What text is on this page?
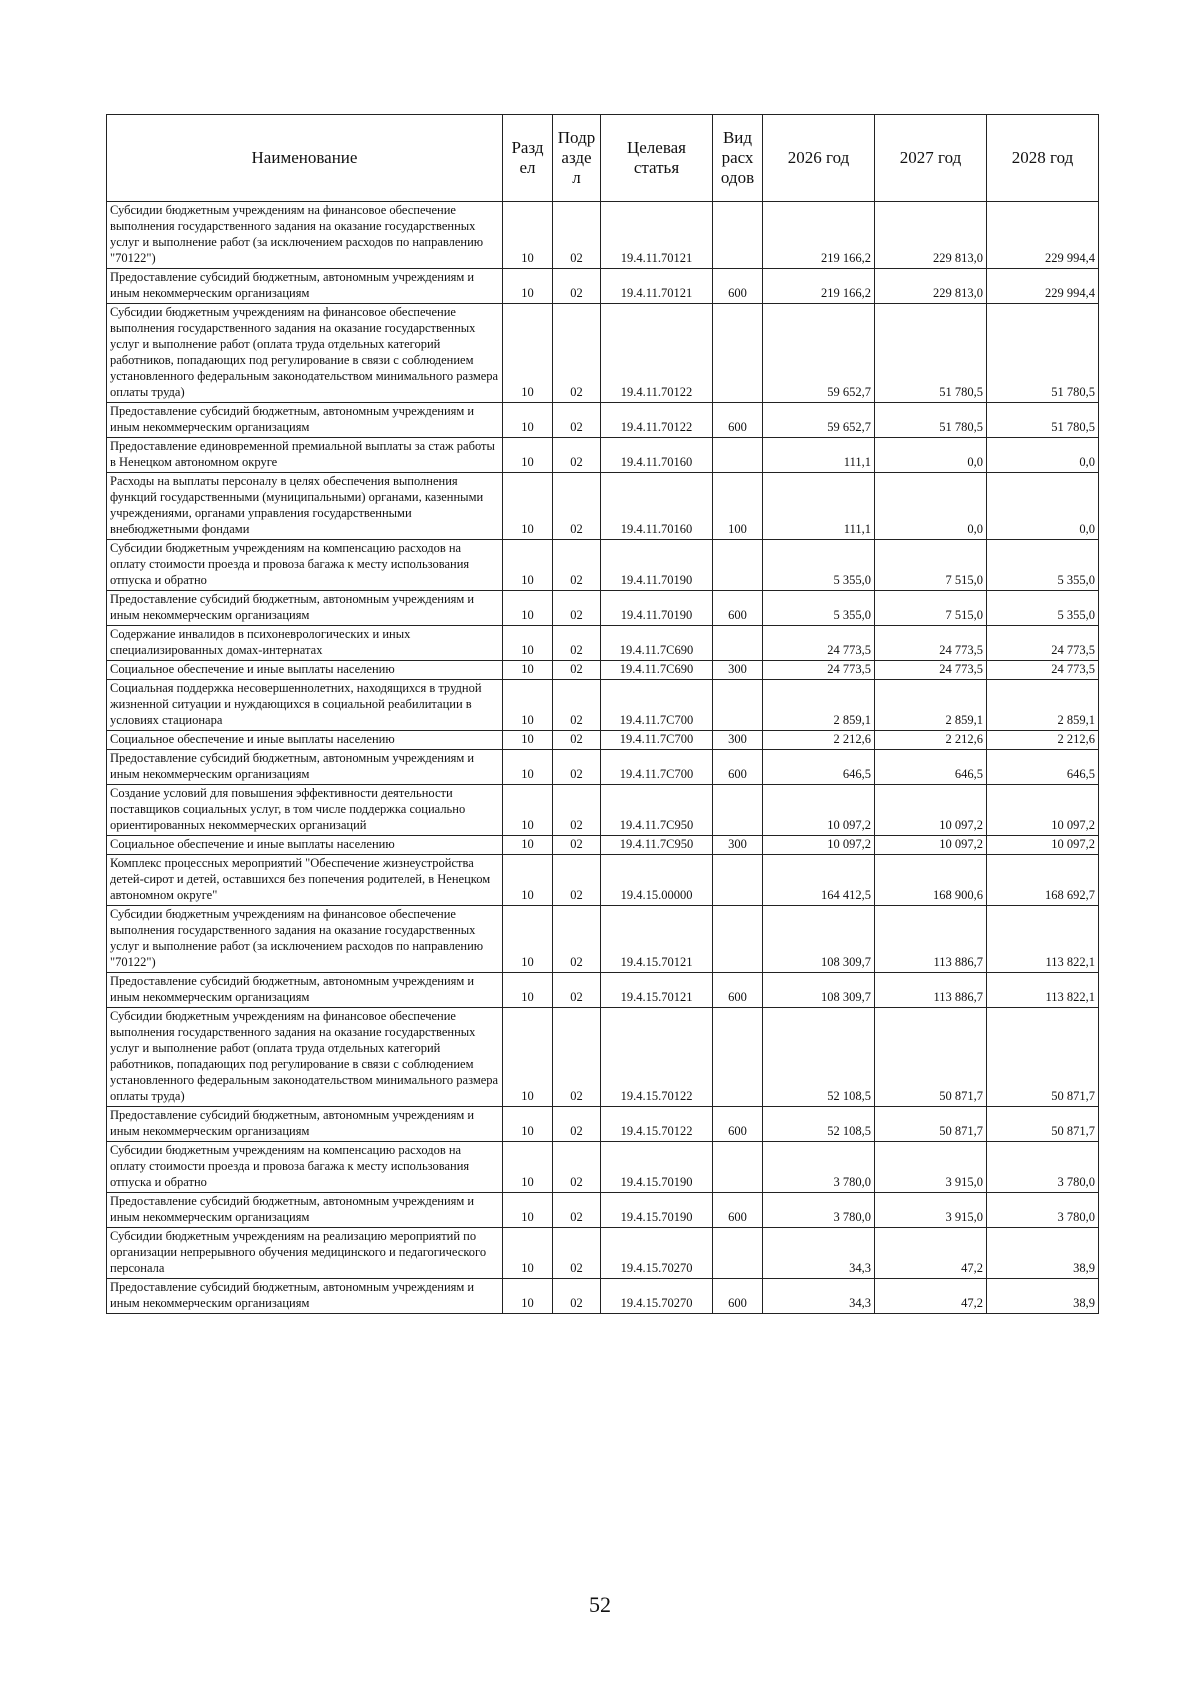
Наименование	Разд ел	Подр азде л	Целевая статья	Вид расх одов	2026 год	2027 год	2028 год
Субсидии бюджетным учреждениям на финансовое обеспечение выполнения государственного задания на оказание государственных услуг и выполнение работ (за исключением расходов по направлению "70122")	10	02	19.4.11.70121		219 166,2	229 813,0	229 994,4
Предоставление субсидий бюджетным, автономным учреждениям и иным некоммерческим организациям	10	02	19.4.11.70121	600	219 166,2	229 813,0	229 994,4
Субсидии бюджетным учреждениям на финансовое обеспечение выполнения государственного задания на оказание государственных услуг и выполнение работ (оплата труда отдельных категорий работников, попадающих под регулирование в связи с соблюдением установленного федеральным законодательством минимального размера оплаты труда)	10	02	19.4.11.70122		59 652,7	51 780,5	51 780,5
Предоставление субсидий бюджетным, автономным учреждениям и иным некоммерческим организациям	10	02	19.4.11.70122	600	59 652,7	51 780,5	51 780,5
Предоставление единовременной премиальной выплаты за стаж работы в Ненецком автономном округе	10	02	19.4.11.70160		111,1	0,0	0,0
Расходы на выплаты персоналу в целях обеспечения выполнения функций государственными (муниципальными) органами, казенными учреждениями, органами управления государственными внебюджетными фондами	10	02	19.4.11.70160	100	111,1	0,0	0,0
Субсидии бюджетным учреждениям на компенсацию расходов на оплату стоимости проезда и провоза багажа к месту использования отпуска и обратно	10	02	19.4.11.70190		5 355,0	7 515,0	5 355,0
Предоставление субсидий бюджетным, автономным учреждениям и иным некоммерческим организациям	10	02	19.4.11.70190	600	5 355,0	7 515,0	5 355,0
Содержание инвалидов в психоневрологических и иных специализированных домах-интернатах	10	02	19.4.11.7С690		24 773,5	24 773,5	24 773,5
Социальное обеспечение и иные выплаты населению	10	02	19.4.11.7С690	300	24 773,5	24 773,5	24 773,5
Социальная поддержка несовершеннолетних, находящихся в трудной жизненной ситуации и нуждающихся в социальной реабилитации в условиях стационара	10	02	19.4.11.7С700		2 859,1	2 859,1	2 859,1
Социальное обеспечение и иные выплаты населению	10	02	19.4.11.7С700	300	2 212,6	2 212,6	2 212,6
Предоставление субсидий бюджетным, автономным учреждениям и иным некоммерческим организациям	10	02	19.4.11.7С700	600	646,5	646,5	646,5
Создание условий для повышения эффективности деятельности поставщиков социальных услуг, в том числе поддержка социально ориентированных некоммерческих организаций	10	02	19.4.11.7С950		10 097,2	10 097,2	10 097,2
Социальное обеспечение и иные выплаты населению	10	02	19.4.11.7С950	300	10 097,2	10 097,2	10 097,2
Комплекс процессных мероприятий "Обеспечение жизнеустройства детей-сирот и детей, оставшихся без попечения родителей, в Ненецком автономном округе"	10	02	19.4.15.00000		164 412,5	168 900,6	168 692,7
Субсидии бюджетным учреждениям на финансовое обеспечение выполнения государственного задания на оказание государственных услуг и выполнение работ (за исключением расходов по направлению "70122")	10	02	19.4.15.70121		108 309,7	113 886,7	113 822,1
Предоставление субсидий бюджетным, автономным учреждениям и иным некоммерческим организациям	10	02	19.4.15.70121	600	108 309,7	113 886,7	113 822,1
Субсидии бюджетным учреждениям на финансовое обеспечение выполнения государственного задания на оказание государственных услуг и выполнение работ (оплата труда отдельных категорий работников, попадающих под регулирование в связи с соблюдением установленного федеральным законодательством минимального размера оплаты труда)	10	02	19.4.15.70122		52 108,5	50 871,7	50 871,7
Предоставление субсидий бюджетным, автономным учреждениям и иным некоммерческим организациям	10	02	19.4.15.70122	600	52 108,5	50 871,7	50 871,7
Субсидии бюджетным учреждениям на компенсацию расходов на оплату стоимости проезда и провоза багажа к месту использования отпуска и обратно	10	02	19.4.15.70190		3 780,0	3 915,0	3 780,0
Предоставление субсидий бюджетным, автономным учреждениям и иным некоммерческим организациям	10	02	19.4.15.70190	600	3 780,0	3 915,0	3 780,0
Субсидии бюджетным учреждениям на реализацию мероприятий по организации непрерывного обучения медицинского и педагогического персонала	10	02	19.4.15.70270		34,3	47,2	38,9
Предоставление субсидий бюджетным, автономным учреждениям и иным некоммерческим организациям	10	02	19.4.15.70270	600	34,3	47,2	38,9
52
